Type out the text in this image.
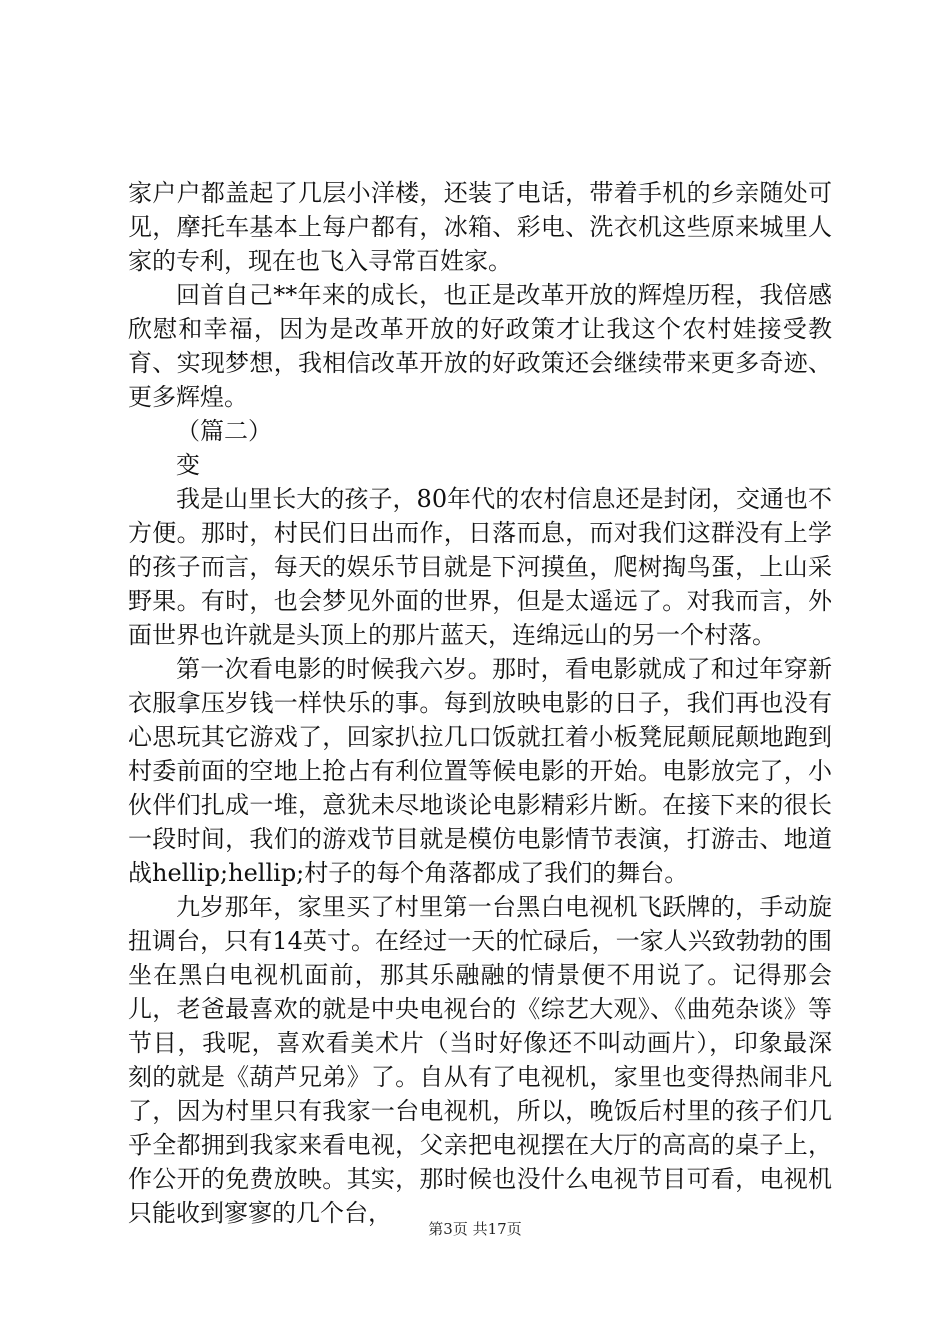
家户户都盖起了几层小洋楼，还装了电话，带着手机的乡亲随处可见，摩托车基本上每户都有，冰箱、彩电、洗衣机这些原来城里人家的专利，现在也飞入寻常百姓家。

回首自己**年来的成长，也正是改革开放的辉煌历程，我倍感欣慰和幸福，因为是改革开放的好政策才让我这个农村娃接受教育、实现梦想，我相信改革开放的好政策还会继续带来更多奇迹、更多辉煌。

（篇二）

变

我是山里长大的孩子，80年代的农村信息还是封闭，交通也不方便。那时，村民们日出而作，日落而息，而对我们这群没有上学的孩子而言，每天的娱乐节目就是下河摸鱼，爬树掏鸟蛋，上山采野果。有时，也会梦见外面的世界，但是太遥远了。对我而言，外面世界也许就是头顶上的那片蓝天，连绵远山的另一个村落。

第一次看电影的时候我六岁。那时，看电影就成了和过年穿新衣服拿压岁钱一样快乐的事。每到放映电影的日子，我们再也没有心思玩其它游戏了，回家扒拉几口饭就扛着小板凳屁颠屁颠地跑到村委前面的空地上抢占有利位置等候电影的开始。电影放完了，小伙伴们扎成一堆，意犹未尽地谈论电影精彩片断。在接下来的很长一段时间，我们的游戏节目就是模仿电影情节表演，打游击、地道战hellip;hellip;村子的每个角落都成了我们的舞台。

九岁那年，家里买了村里第一台黑白电视机飞跃牌的，手动旋扭调台，只有14英寸。在经过一天的忙碌后，一家人兴致勃勃的围坐在黑白电视机面前，那其乐融融的情景便不用说了。记得那会儿，老爸最喜欢的就是中央电视台的《综艺大观》、《曲苑杂谈》等节目，我呢，喜欢看美术片（当时好像还不叫动画片），印象最深刻的就是《葫芦兄弟》了。自从有了电视机，家里也变得热闹非凡了，因为村里只有我家一台电视机，所以，晚饭后村里的孩子们几乎全都拥到我家来看电视，父亲把电视摆在大厅的高高的桌子上，作公开的免费放映。其实，那时候也没什么电视节目可看，电视机只能收到寥寥的几个台，

第3页 共17页
